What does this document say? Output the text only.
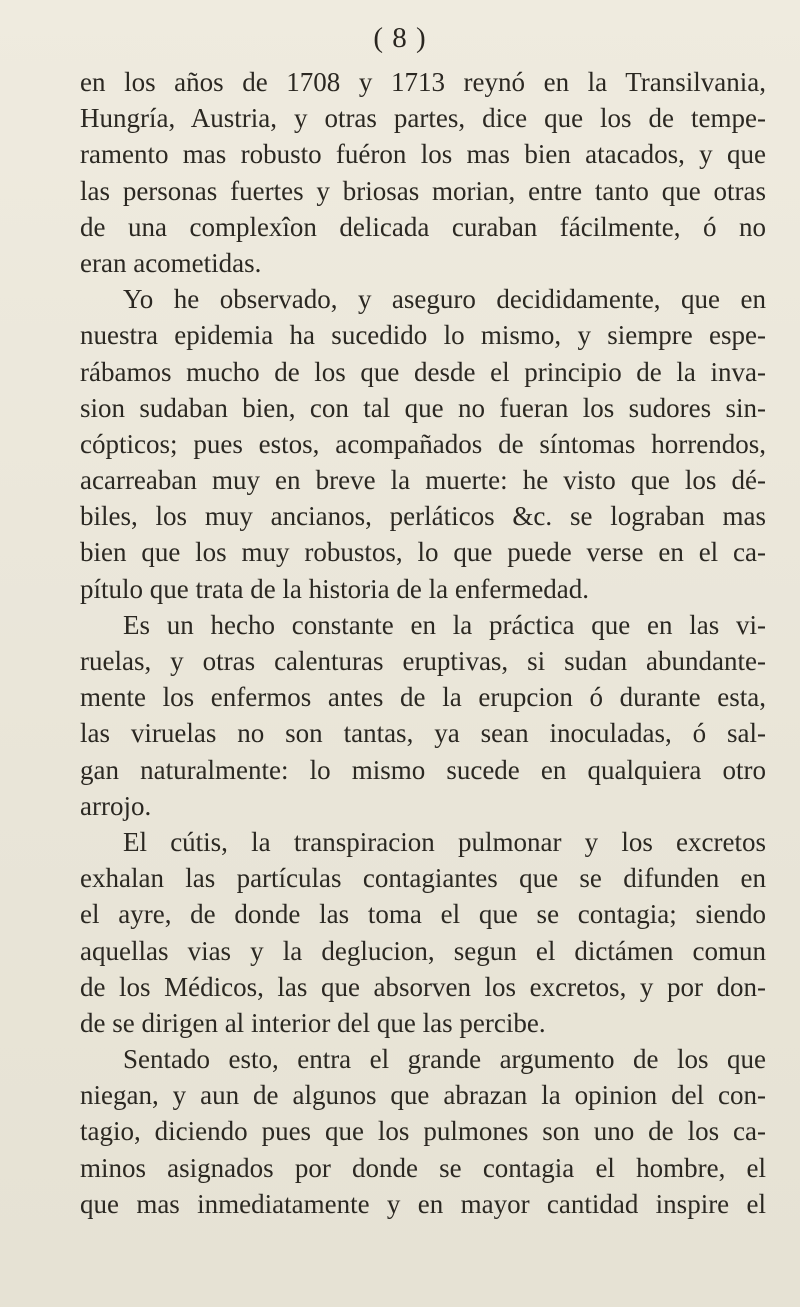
( 8 )
en los años de 1708 y 1713 reynó en la Transilvania,
Hungría, Austria, y otras partes, dice que los de tempe-
ramento mas robusto fuéron los mas bien atacados, y que
las personas fuertes y briosas morian, entre tanto que otras
de una complexîon delicada curaban fácilmente, ó no
eran acometidas.
Yo he observado, y aseguro decididamente, que en
nuestra epidemia ha sucedido lo mismo, y siempre espe-
rábamos mucho de los que desde el principio de la inva-
sion sudaban bien, con tal que no fueran los sudores sin-
cópticos; pues estos, acompañados de síntomas horrendos,
acarreaban muy en breve la muerte: he visto que los dé-
biles, los muy ancianos, perláticos &c. se lograban mas
bien que los muy robustos, lo que puede verse en el ca-
pítulo que trata de la historia de la enfermedad.
Es un hecho constante en la práctica que en las vi-
ruelas, y otras calenturas eruptivas, si sudan abundante-
mente los enfermos antes de la erupcion ó durante esta,
las viruelas no son tantas, ya sean inoculadas, ó sal-
gan naturalmente: lo mismo sucede en qualquiera otro
arrojo.
El cútis, la transpiracion pulmonar y los excretos
exhalan las partículas contagiantes que se difunden en
el ayre, de donde las toma el que se contagia; siendo
aquellas vias y la deglucion, segun el dictámen comun
de los Médicos, las que absorven los excretos, y por don-
de se dirigen al interior del que las percibe.
Sentado esto, entra el grande argumento de los que
niegan, y aun de algunos que abrazan la opinion del con-
tagio, diciendo pues que los pulmones son uno de los ca-
minos asignados por donde se contagia el hombre, el
que mas inmediatamente y en mayor cantidad inspire el
